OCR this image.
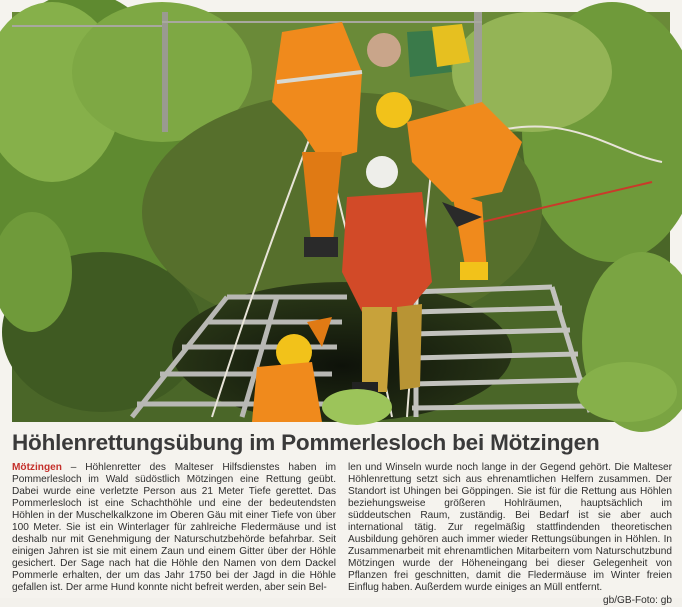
Höhlenrettungsübung im Pommerlesloch bei Mötzingen
Mötzingen – Höhlenretter des Malteser Hilfsdienstes haben im Pommerlesloch im Wald südöstlich Mötzingen eine Rettung geübt. Dabei wurde eine verletzte Person aus 21 Meter Tiefe gerettet. Das Pommerlesloch ist eine Schachthöhle und eine der bedeutendsten Höhlen in der Muschelkalkzone im Oberen Gäu mit einer Tiefe von über 100 Meter. Sie ist ein Winterlager für zahlreiche Fledermäuse und ist deshalb nur mit Genehmigung der Naturschutzbehörde befahrbar. Seit einigen Jahren ist sie mit einem Zaun und einem Gitter über der Höhle gesichert. Der Sage nach hat die Höhle den Namen von dem Dackel Pommerle erhalten, der um das Jahr 1750 bei der Jagd in die Höhle gefallen ist. Der arme Hund konnte nicht befreit werden, aber sein Bel-
len und Winseln wurde noch lange in der Gegend gehört. Die Malteser Höhlenrettung setzt sich aus ehrenamtlichen Helfern zusammen. Der Standort ist Uhingen bei Göppingen. Sie ist für die Rettung aus Höhlen beziehungsweise größeren Hohlräumen, hauptsächlich im süddeutschen Raum, zuständig. Bei Bedarf ist sie aber auch international tätig. Zur regelmäßig stattfindenden theoretischen Ausbildung gehören auch immer wieder Rettungsübungen in Höhlen. In Zusammenarbeit mit ehrenamtlichen Mitarbeitern vom Naturschutzbund Mötzingen wurde der Höheneingang bei dieser Gelegenheit von Pflanzen frei geschnitten, damit die Fledermäuse im Winter freien Einflug haben. Außerdem wurde einiges an Müll entfernt.
gb/GB-Foto: gb
